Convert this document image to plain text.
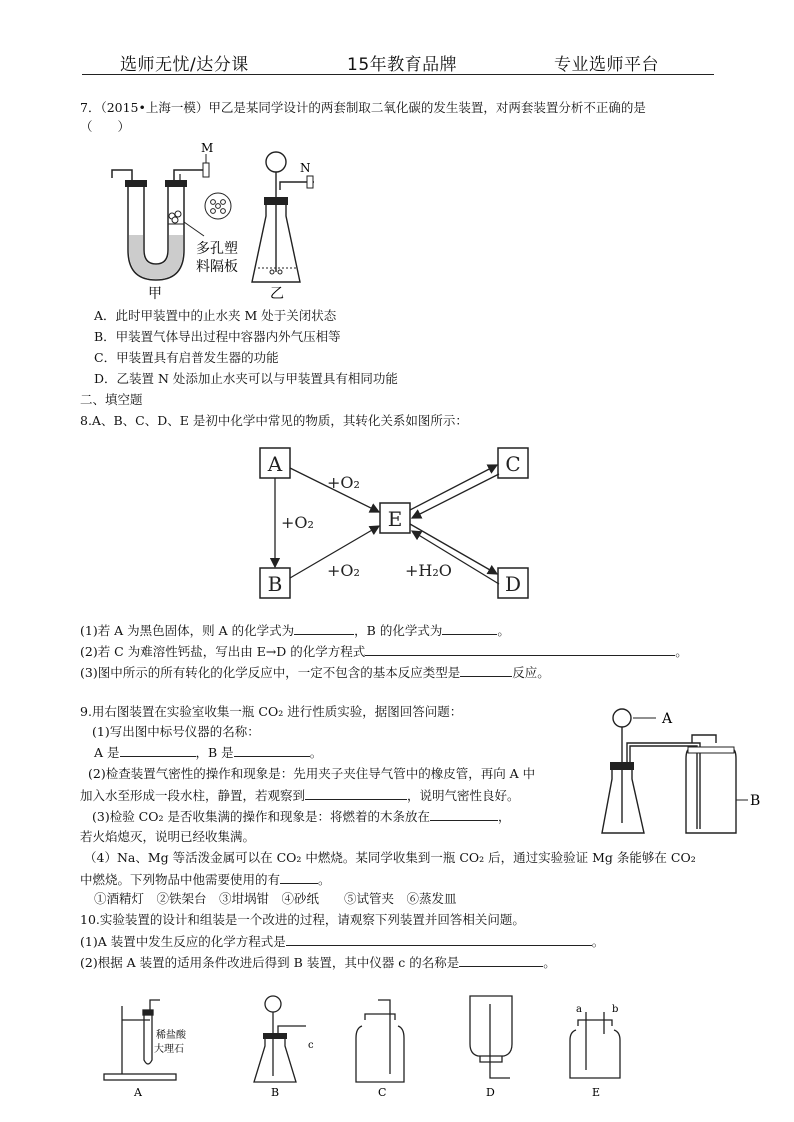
选师无忧/达分课	15年教育品牌	专业选师平台
7．（2015•上海一模）甲乙是某同学设计的两套制取二氧化碳的发生装置，对两套装置分析不正确的是
（　　）
M
多孔塑
料隔板
甲
N
乙
A．此时甲装置中的止水夹 M 处于关闭状态
B．甲装置气体导出过程中容器内外气压相等
C．甲装置具有启普发生器的功能
D．乙装置 N 处添加止水夹可以与甲装置具有相同功能
二、填空题
8.A、B、C、D、E 是初中化学中常见的物质，其转化关系如图所示：
A
B
C
D
E
+O₂
+O₂
+O₂	+H₂O
(1)若 A 为黑色固体，则 A 的化学式为	，B 的化学式为	。
(2)若 C 为难溶性钙盐，写出由 E→D 的化学方程式	。
(3)图中所示的所有转化的化学反应中，一定不包含的基本反应类型是	反应。
9.用右图装置在实验室收集一瓶 CO₂ 进行性质实验，据图回答问题：
(1)写出图中标号仪器的名称：
A 是	，B 是	。
(2)检查装置气密性的操作和现象是：先用夹子夹住导气管中的橡皮管，再向 A 中
加入水至形成一段水柱，静置，若观察到	，说明气密性良好。
(3)检验 CO₂ 是否收集满的操作和现象是：将燃着的木条放在	，
若火焰熄灭，说明已经收集满。
（4）Na、Mg 等活泼金属可以在 CO₂ 中燃烧。某同学收集到一瓶 CO₂ 后，通过实验验证 Mg 条能够在 CO₂
中燃烧。下列物品中他需要使用的有	。
①酒精灯　②铁架台　③坩埚钳　④砂纸　　⑤试管夹　⑥蒸发皿
A
B
10.实验装置的设计和组装是一个改进的过程，请观察下列装置并回答相关问题。
(1)A 装置中发生反应的化学方程式是	。
(2)根据 A 装置的适用条件改进后得到 B 装置，其中仪器 c 的名称是	。
稀盐酸
大理石
A
c
B	C	D
a	b
E
